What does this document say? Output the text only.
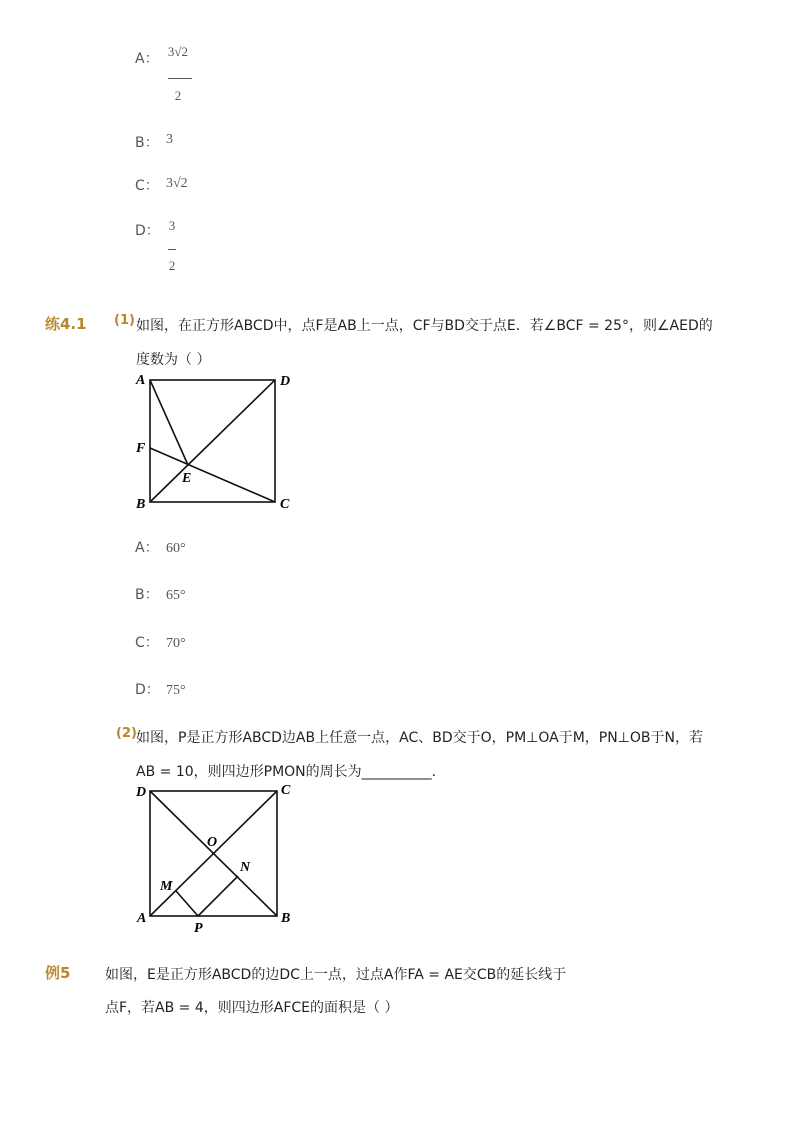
A： 3√2
2
B： 3
C： 3√2
D： 3
2
练4.1 (1) 如图，在正方形ABCD中，点F是AB上一点，CF与BD交于点E．若∠BCF = 25°，则∠AED的
度数为（ ）
A	D
F
E
B	C
D	C
O
N
M
A
P
B
A： 60°
B： 65°
C： 70°
D： 75°
(2) 如图，P是正方形ABCD边AB上任意一点，AC、BD交于O，PM⊥OA于M，PN⊥OB于N，若
AB = 10，则四边形PMON的周长为__________．
例5 如图，E是正方形ABCD的边DC上一点，过点A作FA = AE交CB的延长线于
点F，若AB = 4，则四边形AFCE的面积是（ ）
